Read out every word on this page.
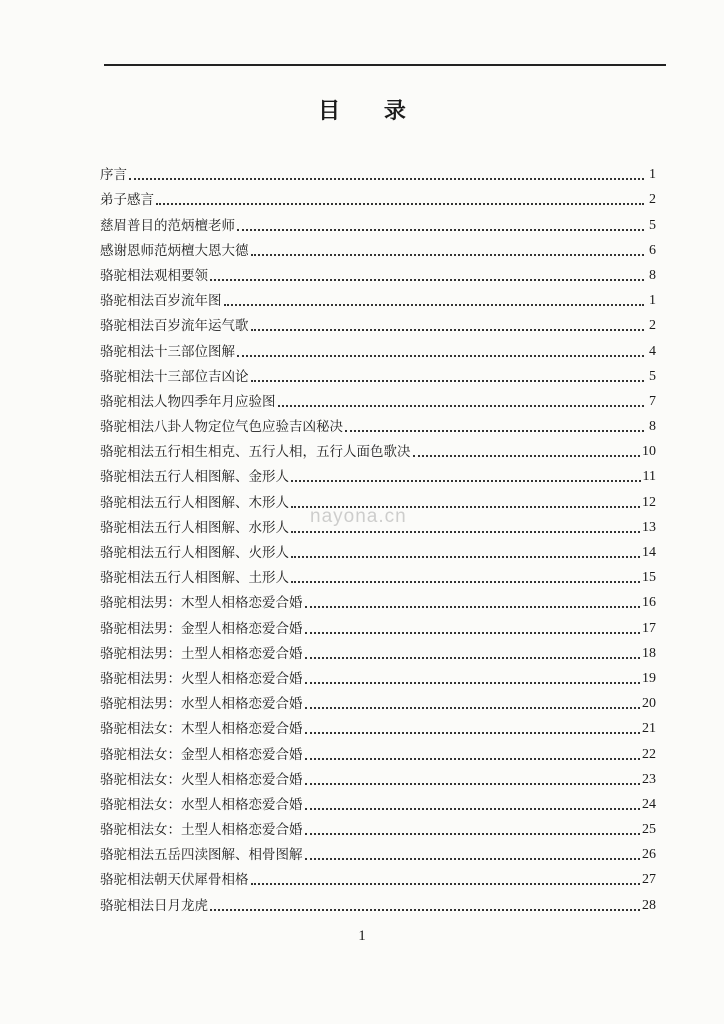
目 录
序言	1
弟子感言	2
慈眉普目的范炳檀老师	5
感谢恩师范炳檀大恩大德	6
骆驼相法观相要领	8
骆驼相法百岁流年图	1
骆驼相法百岁流年运气歌	2
骆驼相法十三部位图解	4
骆驼相法十三部位吉凶论	5
骆驼相法人物四季年月应验图	7
骆驼相法八卦人物定位气色应验吉凶秘决	8
骆驼相法五行相生相克、五行人相，五行人面色歌决	10
骆驼相法五行人相图解、金形人	11
骆驼相法五行人相图解、木形人	12
骆驼相法五行人相图解、水形人	13
骆驼相法五行人相图解、火形人	14
骆驼相法五行人相图解、土形人	15
骆驼相法男：木型人相格恋爱合婚	16
骆驼相法男：金型人相格恋爱合婚	17
骆驼相法男：土型人相格恋爱合婚	18
骆驼相法男：火型人相格恋爱合婚	19
骆驼相法男：水型人相格恋爱合婚	20
骆驼相法女：木型人相格恋爱合婚	21
骆驼相法女：金型人相格恋爱合婚	22
骆驼相法女：火型人相格恋爱合婚	23
骆驼相法女：水型人相格恋爱合婚	24
骆驼相法女：土型人相格恋爱合婚	25
骆驼相法五岳四渎图解、相骨图解	26
骆驼相法朝天伏犀骨相格	27
骆驼相法日月龙虎	28
nayona.cn
1
